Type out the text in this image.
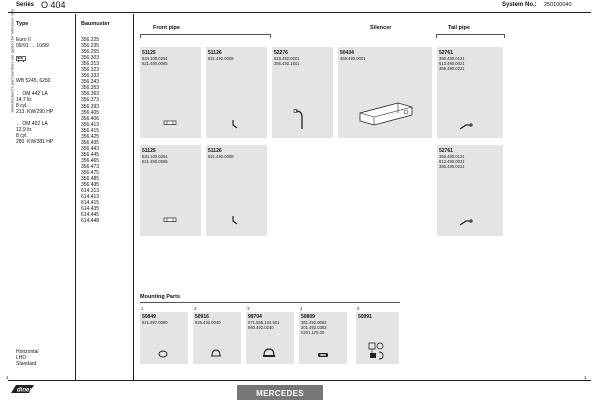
Manufacturer's part numbers are quoted for reference only
Series O 404	System No.: 250100040
Type	Baumuster
Euro II
09/91 → 10/99
WB 5245, 6250
← OM 442 LA
14,7 ltr.
8 cyl.
213  KW/290 HP
← OM 402 LA
12,9 ltr.
8 cyl.
280  KW/381 HP
Horizontal
LHD
Standard
356.225
356.235
356.255
356.303
356.313
356.323
356.333
356.343
356.353
356.363
356.373
356.393
356.405
356.406
356.413
356.415
356.425
356.435
356.443
356.445
356.465
356.473
356.475
356.485
356.495
614.313
614.413
614.415
614.435
614.445
614.448
Front pipe	Silencer	Tail pipe
51125
834.100.0254
621.490.0065
51126
621.492.0008
52276
618.492.0201
356.492.1501
50434
356.490.0001
52761
356.490.0121
613.490.0021
356.490.0221
51125
834.100.0254
621.490.0065
51126
621.492.0008
52761
356.490.0121
613.490.0021
356.490.0221
Mounting Parts
1
50849
621.997.0090
2
50916
625.492.0040
3
99704
071.555.104.501
940.492.0240
4
50809
381.492.0082
301.492.0382
0201.175.00
5
50991
1	1
dinex	MERCEDES
